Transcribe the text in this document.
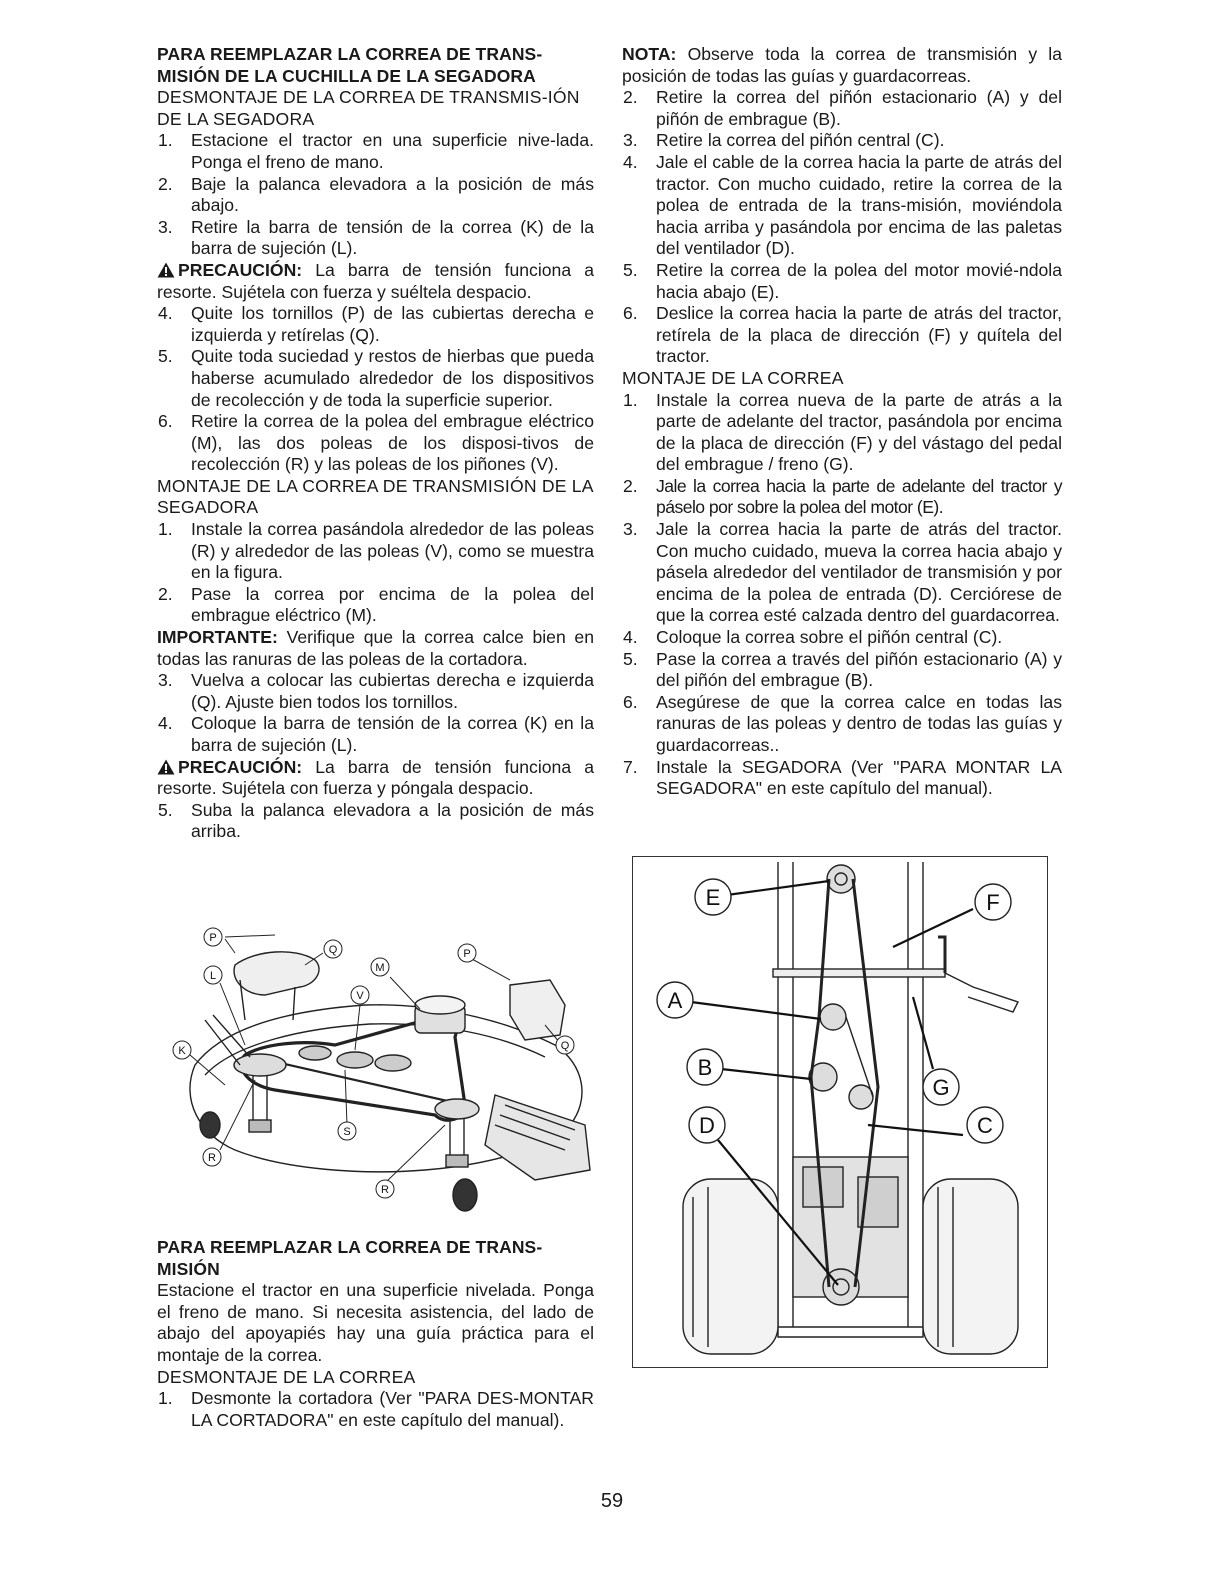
PARA REEMPLAZAR LA CORREA DE TRANS-MISIÓN DE LA CUCHILLA DE LA SEGADORA
DESMONTAJE DE LA CORREA DE TRANSMIS-IÓN DE LA SEGADORA
1. Estacione el tractor en una superficie nive-lada. Ponga el freno de mano.
2. Baje la palanca elevadora a la posición de más abajo.
3. Retire la barra de tensión de la correa (K) de la barra de sujeción (L).

PRECAUCIÓN: La barra de tensión funciona a resorte. Sujétela con fuerza y suéltela despacio.

4. Quite los tornillos (P) de las cubiertas derecha e izquierda y retírelas (Q).
5. Quite toda suciedad y restos de hierbas que pueda haberse acumulado alrededor de los dispositivos de recolección y de toda la superficie superior.
6. Retire la correa de la polea del embrague eléctrico (M), las dos poleas de los disposi-tivos de recolección (R) y las poleas de los piñones (V).
MONTAJE DE LA CORREA DE TRANSMISIÓN DE LA SEGADORA
1. Instale la correa pasándola alrededor de las poleas (R) y alrededor de las poleas (V), como se muestra en la figura.
2. Pase la correa por encima de la polea del embrague eléctrico (M).

IMPORTANTE: Verifique que la correa calce bien en todas las ranuras de las poleas de la cortadora.

3. Vuelva a colocar las cubiertas derecha e izquierda (Q). Ajuste bien todos los tornillos.
4. Coloque la barra de tensión de la correa (K) en la barra de sujeción (L).

PRECAUCIÓN: La barra de tensión funciona a resorte. Sujétela con fuerza y póngala despacio.

5. Suba la palanca elevadora a la posición de más arriba.
P
Q
L
M
P
K
V
Q
S
R
R
PARA REEMPLAZAR LA CORREA DE TRANS-MISIÓN

Estacione el tractor en una superficie nivelada. Ponga el freno de mano. Si necesita asistencia, del lado de abajo del apoyapiés hay una guía práctica para el montaje de la correa.

DESMONTAJE DE LA CORREA
1. Desmonte la cortadora (Ver "PARA DES-MONTAR LA CORTADORA" en este capítulo del manual).

NOTA: Observe toda la correa de transmisión y la posición de todas las guías y guardacorreas.

2. Retire la correa del piñón estacionario (A) y del piñón de embrague (B).
3. Retire la correa del piñón central (C).
4. Jale el cable de la correa hacia la parte de atrás del tractor. Con mucho cuidado, retire la correa de la polea de entrada de la trans-misión, moviéndola hacia arriba y pasándola por encima de las paletas del ventilador (D).
5. Retire la correa de la polea del motor movié-ndola hacia abajo (E).
6. Deslice la correa hacia la parte de atrás del tractor, retírela de la placa de dirección (F) y quítela del tractor.
MONTAJE DE LA CORREA
1. Instale la correa nueva de la parte de atrás a la parte de adelante del tractor, pasándola por encima de la placa de dirección (F) y del vástago del pedal del embrague / freno (G).
2. Jale la correa hacia la parte de adelante del tractor y páselo por sobre la polea del motor (E).
3. Jale la correa hacia la parte de atrás del tractor. Con mucho cuidado, mueva la correa hacia abajo y pásela alrededor del ventilador de transmisión y por encima de la polea de entrada (D). Cerciórese de que la correa esté calzada dentro del guardacorrea.
4. Coloque la correa sobre el piñón central (C).
5. Pase la correa a través del piñón estacionario (A) y del piñón del embrague (B).
6. Asegúrese de que la correa calce en todas las ranuras de las poleas y dentro de todas las guías y guardacorreas..
7. Instale la SEGADORA (Ver "PARA MONTAR LA SEGADORA" en este capítulo del manual).
E	F
A
B
G
C
D
59
